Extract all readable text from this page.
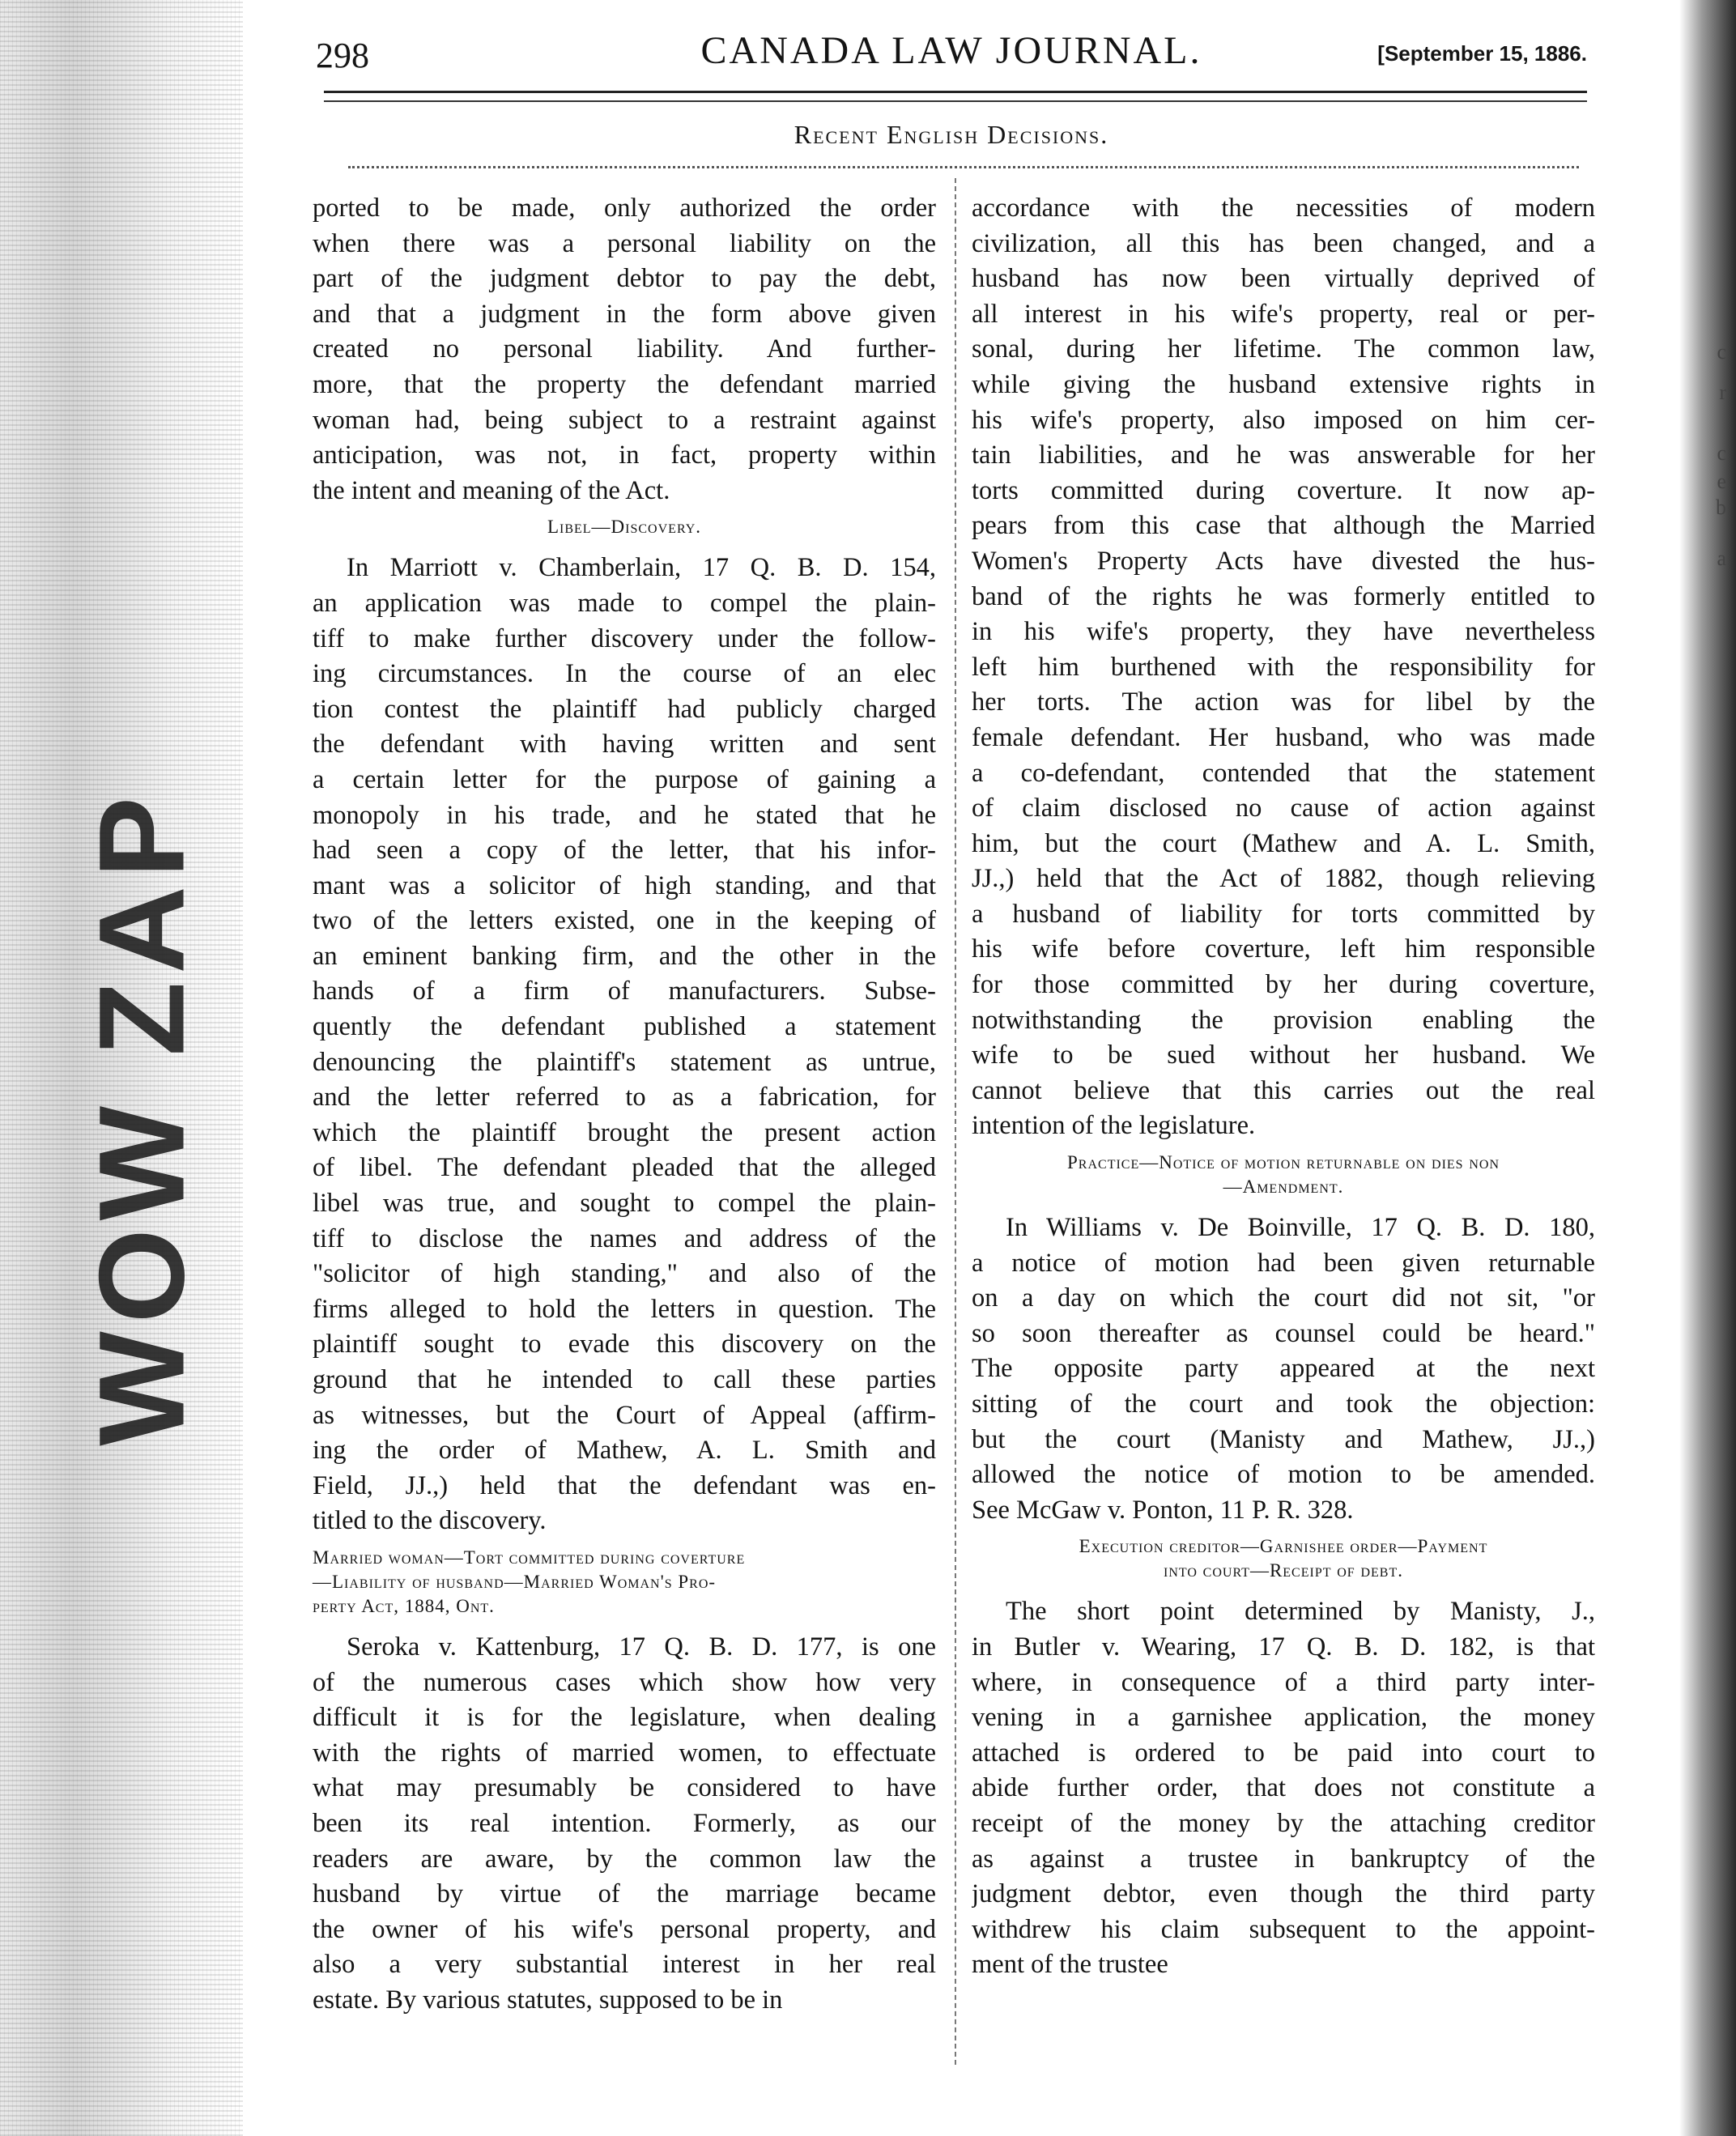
WOW ZAP
c
r
c
e
b
a
298	CANADA LAW JOURNAL.	[September 15, 1886.
Recent English Decisions.
ported to be made, only authorized the order
when there was a personal liability on the
part of the judgment debtor to pay the debt,
and that a judgment in the form above given
created no personal liability. And further-
more, that the property the defendant married
woman had, being subject to a restraint against
anticipation, was not, in fact, property within
the intent and meaning of the Act.
Libel—Discovery.
In Marriott v. Chamberlain, 17 Q. B. D. 154,
an application was made to compel the plain-
tiff to make further discovery under the follow-
ing circumstances. In the course of an elec
tion contest the plaintiff had publicly charged
the defendant with having written and sent
a certain letter for the purpose of gaining a
monopoly in his trade, and he stated that he
had seen a copy of the letter, that his infor-
mant was a solicitor of high standing, and that
two of the letters existed, one in the keeping of
an eminent banking firm, and the other in the
hands of a firm of manufacturers. Subse-
quently the defendant published a statement
denouncing the plaintiff's statement as untrue,
and the letter referred to as a fabrication, for
which the plaintiff brought the present action
of libel. The defendant pleaded that the alleged
libel was true, and sought to compel the plain-
tiff to disclose the names and address of the
"solicitor of high standing," and also of the
firms alleged to hold the letters in question. The
plaintiff sought to evade this discovery on the
ground that he intended to call these parties
as witnesses, but the Court of Appeal (affirm-
ing the order of Mathew, A. L. Smith and
Field, JJ.,) held that the defendant was en-
titled to the discovery.
Married woman—Tort committed during coverture
—Liability of husband—Married Woman's Pro-
perty Act, 1884, Ont.
Seroka v. Kattenburg, 17 Q. B. D. 177, is one
of the numerous cases which show how very
difficult it is for the legislature, when dealing
with the rights of married women, to effectuate
what may presumably be considered to have
been its real intention. Formerly, as our
readers are aware, by the common law the
husband by virtue of the marriage became
the owner of his wife's personal property, and
also a very substantial interest in her real
estate. By various statutes, supposed to be in
accordance with the necessities of modern
civilization, all this has been changed, and a
husband has now been virtually deprived of
all interest in his wife's property, real or per-
sonal, during her lifetime. The common law,
while giving the husband extensive rights in
his wife's property, also imposed on him cer-
tain liabilities, and he was answerable for her
torts committed during coverture. It now ap-
pears from this case that although the Married
Women's Property Acts have divested the hus-
band of the rights he was formerly entitled to
in his wife's property, they have nevertheless
left him burthened with the responsibility for
her torts. The action was for libel by the
female defendant. Her husband, who was made
a co-defendant, contended that the statement
of claim disclosed no cause of action against
him, but the court (Mathew and A. L. Smith,
JJ.,) held that the Act of 1882, though relieving
a husband of liability for torts committed by
his wife before coverture, left him responsible
for those committed by her during coverture,
notwithstanding the provision enabling the
wife to be sued without her husband. We
cannot believe that this carries out the real
intention of the legislature.
Practice—Notice of motion returnable on dies non
—Amendment.
In Williams v. De Boinville, 17 Q. B. D. 180,
a notice of motion had been given returnable
on a day on which the court did not sit, "or
so soon thereafter as counsel could be heard."
The opposite party appeared at the next
sitting of the court and took the objection:
but the court (Manisty and Mathew, JJ.,)
allowed the notice of motion to be amended.
See McGaw v. Ponton, 11 P. R. 328.
Execution creditor—Garnishee order—Payment
into court—Receipt of debt.
The short point determined by Manisty, J.,
in Butler v. Wearing, 17 Q. B. D. 182, is that
where, in consequence of a third party inter-
vening in a garnishee application, the money
attached is ordered to be paid into court to
abide further order, that does not constitute a
receipt of the money by the attaching creditor
as against a trustee in bankruptcy of the
judgment debtor, even though the third party
withdrew his claim subsequent to the appoint-
ment of the trustee
